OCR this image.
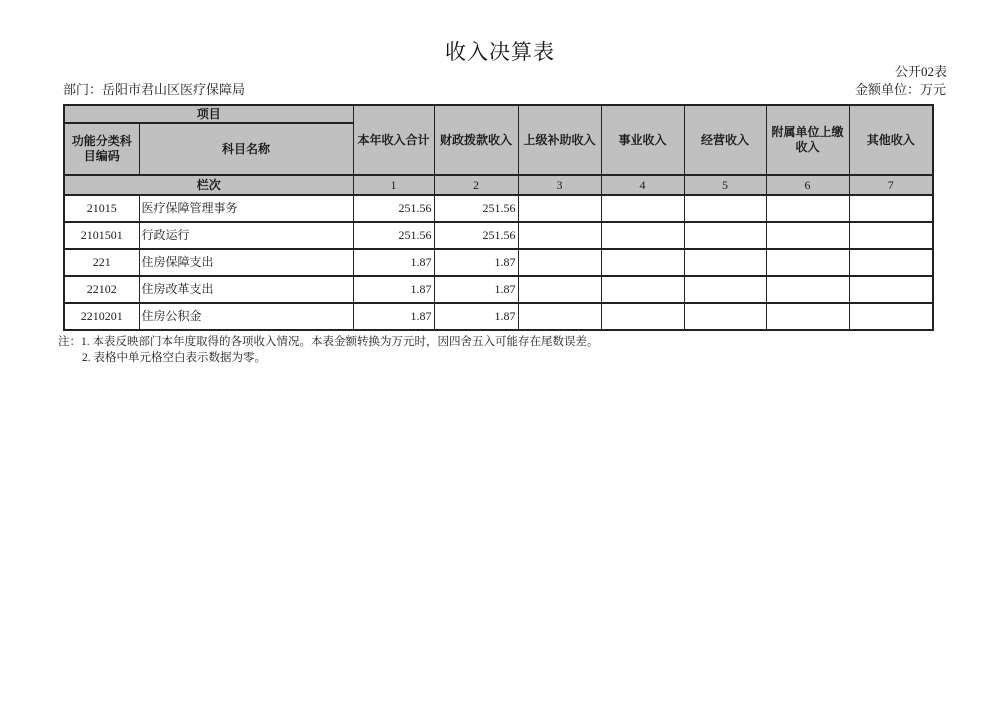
收入决算表
公开02表
部门：岳阳市君山区医疗保障局	金额单位：万元
项目		本年收入合计	财政拨款收入	上级补助收入	事业收入	经营收入	附属单位上缴收入	其他收入
功能分类科目编码	科目名称							
栏次		1	2	3	4	5	6	7
21015	医疗保障管理事务	251.56	251.56					
2101501	行政运行	251.56	251.56					
221	住房保障支出	1.87	1.87					
22102	住房改革支出	1.87	1.87					
2210201	住房公积金	1.87	1.87					
注：1. 本表反映部门本年度取得的各项收入情况。本表金额转换为万元时，因四舍五入可能存在尾数误差。
2. 表格中单元格空白表示数据为零。
